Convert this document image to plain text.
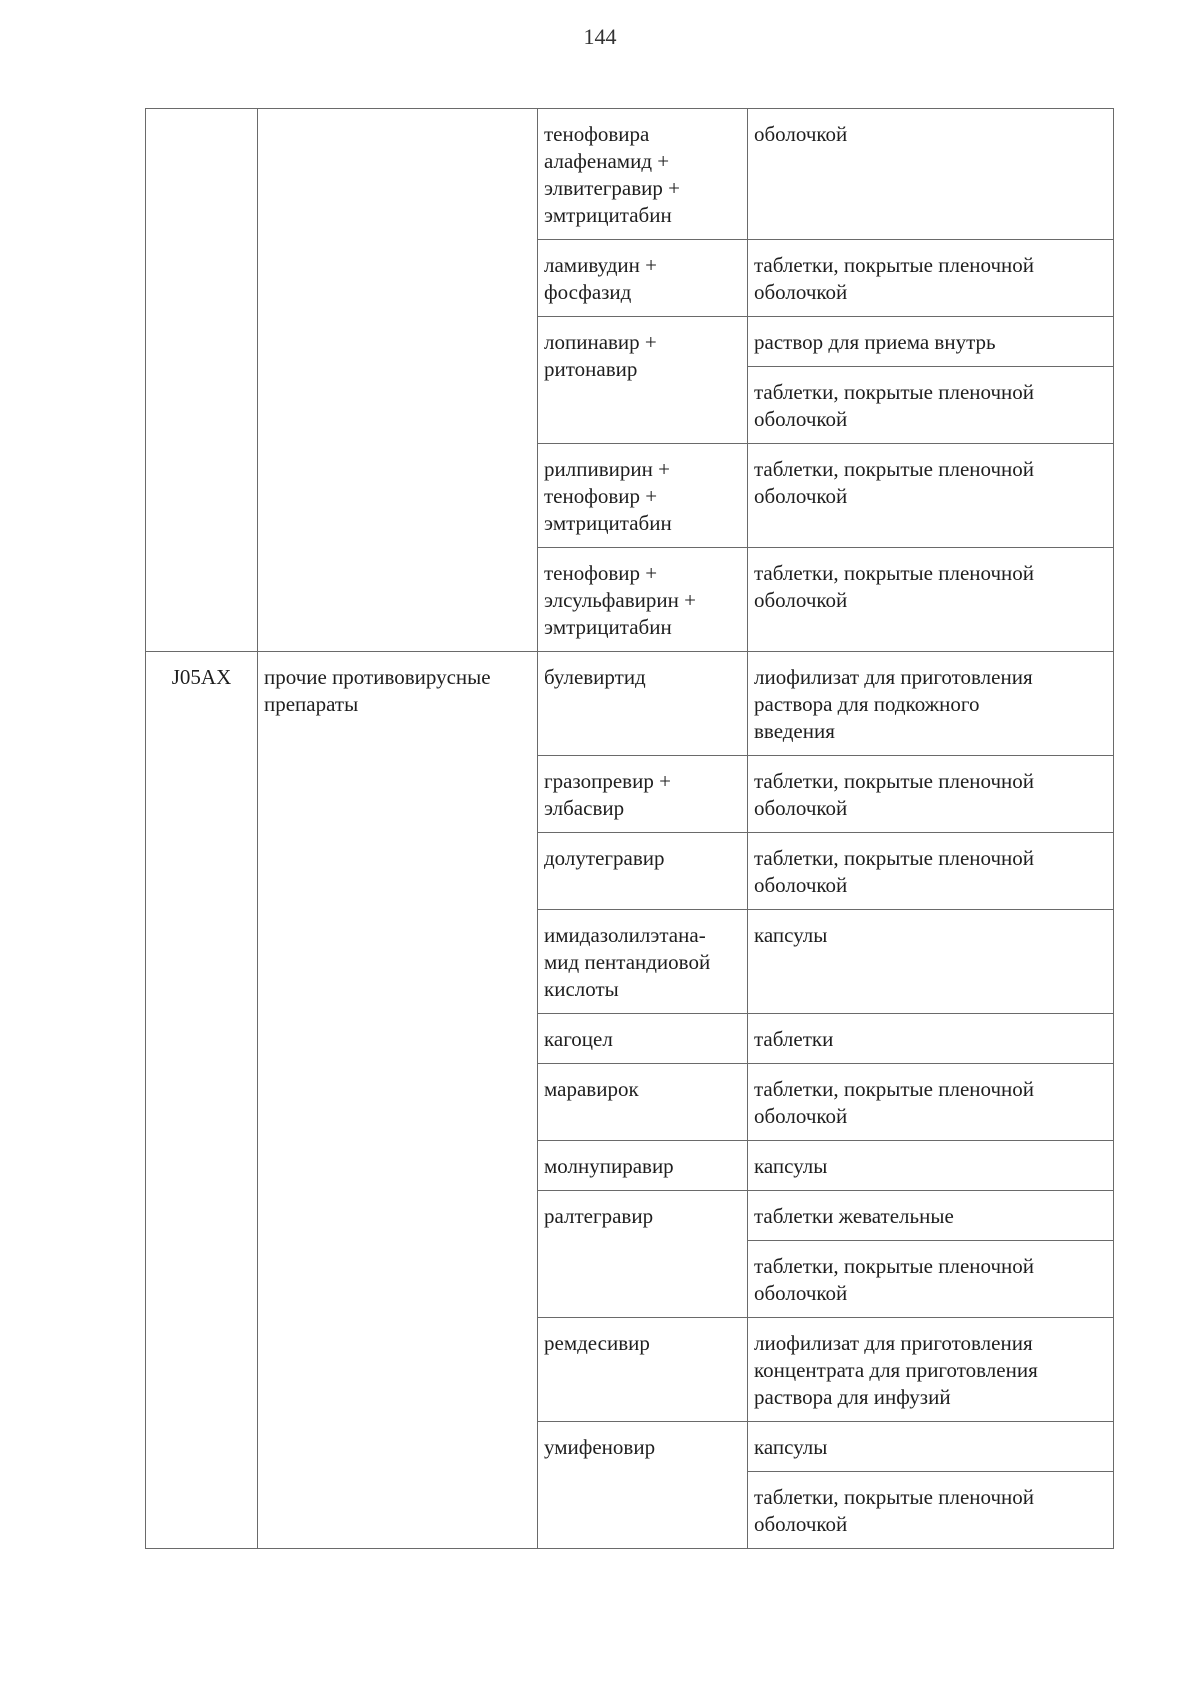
144
		тенофовира
алафенамид +
элвитегравир +
эмтрицитабин	оболочкой
		ламивудин +
фосфазид	таблетки, покрытые пленочной
оболочкой
		лопинавир +
ритонавир	раствор для приема внутрь
			таблетки, покрытые пленочной
оболочкой
		рилпивирин +
тенофовир +
эмтрицитабин	таблетки, покрытые пленочной
оболочкой
		тенофовир +
элсульфавирин +
эмтрицитабин	таблетки, покрытые пленочной
оболочкой
J05AX	прочие противовирусные
препараты	булевиртид	лиофилизат для приготовления
раствора для подкожного
введения
		гразопревир +
элбасвир	таблетки, покрытые пленочной
оболочкой
		долутегравир	таблетки, покрытые пленочной
оболочкой
		имидазолилэтана-
мид пентандиовой
кислоты	капсулы
		кагоцел	таблетки
		маравирок	таблетки, покрытые пленочной
оболочкой
		молнупиравир	капсулы
		ралтегравир	таблетки жевательные
			таблетки, покрытые пленочной
оболочкой
		ремдесивир	лиофилизат для приготовления
концентрата для приготовления
раствора для инфузий
		умифеновир	капсулы
			таблетки, покрытые пленочной
оболочкой
